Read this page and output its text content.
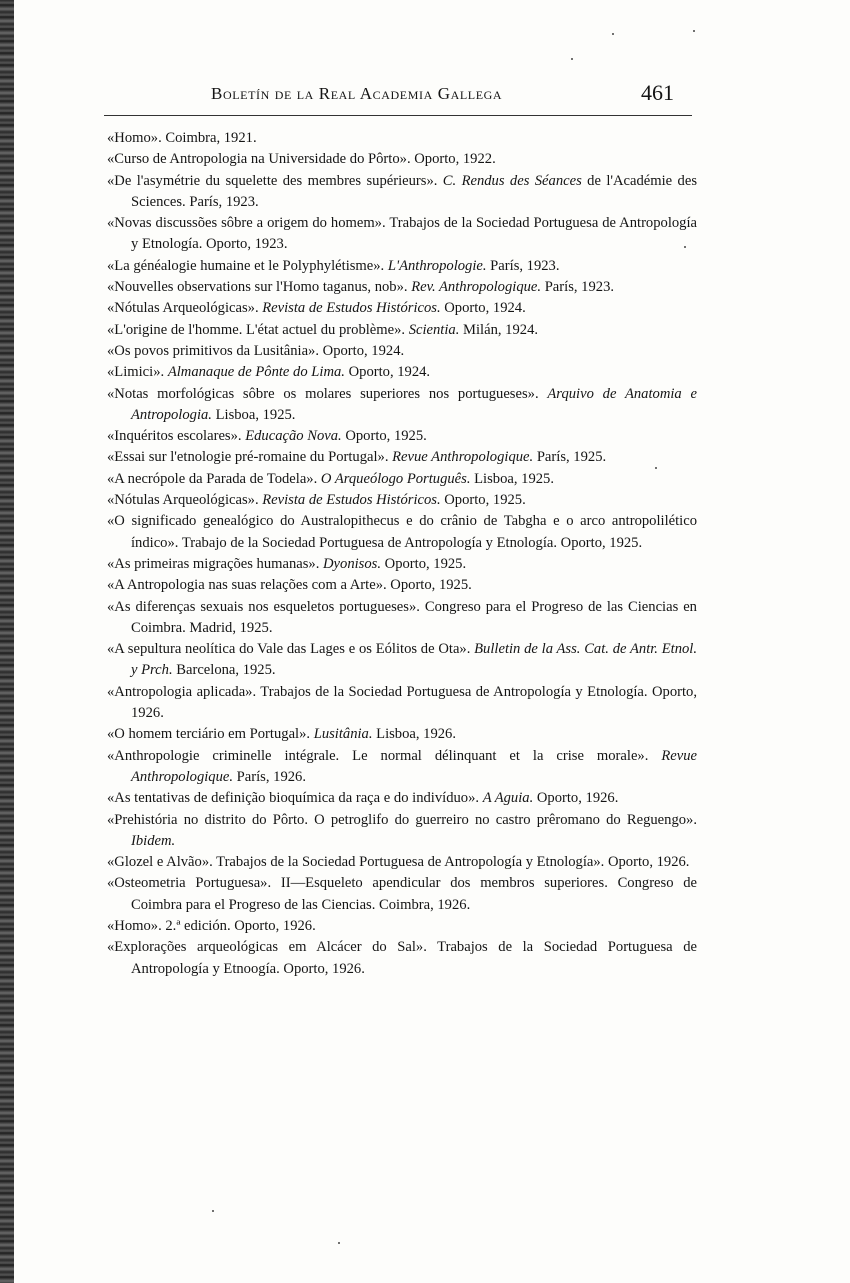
Boletín de la Real Academia Gallega	461
«Homo». Coimbra, 1921.
«Curso de Antropologia na Universidade do Pôrto». Oporto, 1922.
«De l'asymétrie du squelette des membres supérieurs». C. Rendus des Séances de l'Académie des Sciences. París, 1923.
«Novas discussões sôbre a origem do homem». Trabajos de la Sociedad Portuguesa de Antropología y Etnología. Oporto, 1923.
«La généalogie humaine et le Polyphylétisme». L'Anthropologie. París, 1923.
«Nouvelles observations sur l'Homo taganus, nob». Rev. Anthropologique. París, 1923.
«Nótulas Arqueológicas». Revista de Estudos Históricos. Oporto, 1924.
«L'origine de l'homme. L'état actuel du problème». Scientia. Milán, 1924.
«Os povos primitivos da Lusitânia». Oporto, 1924.
«Limici». Almanaque de Pônte do Lima. Oporto, 1924.
«Notas morfológicas sôbre os molares superiores nos portugueses». Arquivo de Anatomia e Antropologia. Lisboa, 1925.
«Inquéritos escolares». Educação Nova. Oporto, 1925.
«Essai sur l'etnologie pré-romaine du Portugal». Revue Anthropologique. París, 1925.
«A necrópole da Parada de Todela». O Arqueólogo Português. Lisboa, 1925.
«Nótulas Arqueológicas». Revista de Estudos Históricos. Oporto, 1925.
«O significado genealógico do Australopithecus e do crânio de Tabgha e o arco antropolilético índico». Trabajo de la Sociedad Portuguesa de Antropología y Etnología. Oporto, 1925.
«As primeiras migrações humanas». Dyonisos. Oporto, 1925.
«A Antropologia nas suas relações com a Arte». Oporto, 1925.
«As diferenças sexuais nos esqueletos portugueses». Congreso para el Progreso de las Ciencias en Coimbra. Madrid, 1925.
«A sepultura neolítica do Vale das Lages e os Eólitos de Ota». Bulletin de la Ass. Cat. de Antr. Etnol. y Prch. Barcelona, 1925.
«Antropologia aplicada». Trabajos de la Sociedad Portuguesa de Antropología y Etnología. Oporto, 1926.
«O homem terciário em Portugal». Lusitânia. Lisboa, 1926.
«Anthropologie criminelle intégrale. Le normal délinquant et la crise morale». Revue Anthropologique. París, 1926.
«As tentativas de definição bioquímica da raça e do indivíduo». A Aguia. Oporto, 1926.
«Prehistória no distrito do Pôrto. O petroglifo do guerreiro no castro prêromano do Reguengo». Ibidem.
«Glozel e Alvão». Trabajos de la Sociedad Portuguesa de Antropología y Etnología». Oporto, 1926.
«Osteometria Portuguesa». II—Esqueleto apendicular dos membros superiores. Congreso de Coimbra para el Progreso de las Ciencias. Coimbra, 1926.
«Homo». 2.ª edición. Oporto, 1926.
«Explorações arqueológicas em Alcácer do Sal». Trabajos de la Sociedad Portuguesa de Antropología y Etnoogía. Oporto, 1926.
